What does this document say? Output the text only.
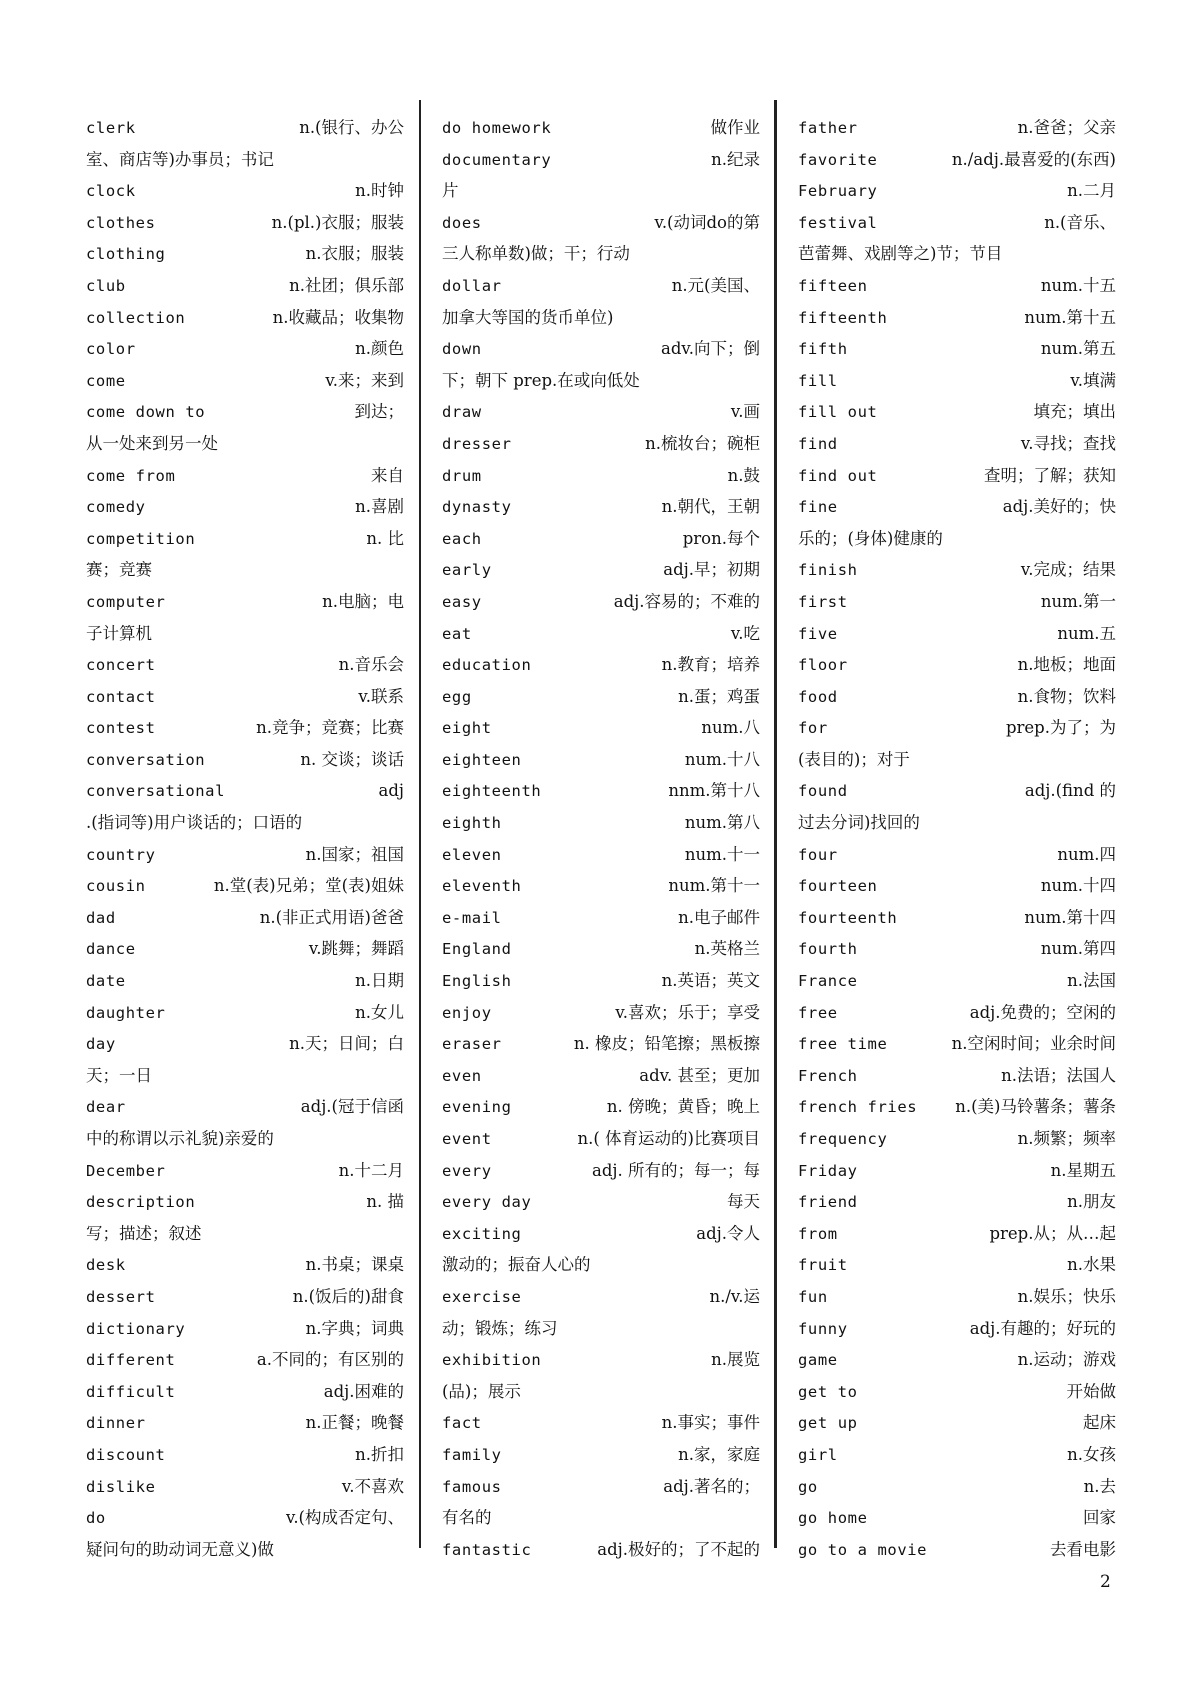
n.(银行、办公
clerk
室、商店等)办事员；书记
n.时钟
clock
n.(pl.)衣服；服装
clothes
n.衣服；服装
clothing
n.社团；俱乐部
club
n.收藏品；收集物
collection
n.颜色
color
v.来；来到
come
到达；
come down to
从一处来到另一处
来自
come from
n.喜剧
comedy
n. 比
competition
赛；竞赛
n.电脑；电
computer
子计算机
n.音乐会
concert
v.联系
contact
n.竞争；竞赛；比赛
contest
n. 交谈；谈话
conversation
adj
conversational
.(指词等)用户谈话的；口语的
n.国家；祖国
country
n.堂(表)兄弟；堂(表)姐妹
cousin
n.(非正式用语)爸爸
dad
v.跳舞；舞蹈
dance
n.日期
date
n.女儿
daughter
n.天；日间；白
day
天；一日
adj.(冠于信函
dear
中的称谓以示礼貌)亲爱的
n.十二月
December
n. 描
description
写；描述；叙述
n.书桌；课桌
desk
n.(饭后的)甜食
dessert
n.字典；词典
dictionary
a.不同的；有区别的
different
adj.困难的
difficult
n.正餐；晚餐
dinner
n.折扣
discount
v.不喜欢
dislike
v.(构成否定句、
do
疑问句的助动词无意义)做
做作业
do homework
n.纪录
documentary
片
v.(动词do的第
does
三人称单数)做；干；行动
n.元(美国、
dollar
加拿大等国的货币单位)
adv.向下；倒
down
下；朝下 prep.在或向低处
v.画
draw
n.梳妆台；碗柜
dresser
n.鼓
drum
n.朝代，王朝
dynasty
pron.每个
each
adj.早；初期
early
adj.容易的；不难的
easy
v.吃
eat
n.教育；培养
education
n.蛋；鸡蛋
egg
num.八
eight
num.十八
eighteen
nnm.第十八
eighteenth
num.第八
eighth
num.十一
eleven
num.第十一
eleventh
n.电子邮件
e-mail
n.英格兰
England
n.英语；英文
English
v.喜欢；乐于；享受
enjoy
n. 橡皮；铅笔擦；黑板擦
eraser
adv. 甚至；更加
even
n. 傍晚；黄昏；晚上
evening
n.( 体育运动的)比赛项目
event
adj. 所有的；每一；每
every
每天
every day
adj.令人
exciting
激动的；振奋人心的
n./v.运
exercise
动；锻炼；练习
n.展览
exhibition
(品)；展示
n.事实；事件
fact
n.家，家庭
family
adj.著名的；
famous
有名的
adj.极好的；了不起的
fantastic
n.爸爸；父亲
father
n./adj.最喜爱的(东西)
favorite
n.二月
February
n.(音乐、
festival
芭蕾舞、戏剧等之)节；节目
num.十五
fifteen
num.第十五
fifteenth
num.第五
fifth
v.填满
fill
填充；填出
fill out
v.寻找；查找
find
查明；了解；获知
find out
adj.美好的；快
fine
乐的；(身体)健康的
v.完成；结果
finish
num.第一
first
num.五
five
n.地板；地面
floor
n.食物；饮料
food
prep.为了；为
for
(表目的)；对于
adj.(find 的
found
过去分词)找回的
num.四
four
num.十四
fourteen
num.第十四
fourteenth
num.第四
fourth
n.法国
France
adj.免费的；空闲的
free
n.空闲时间；业余时间
free time
n.法语；法国人
French
n.(美)马铃薯条；薯条
french fries
n.频繁；频率
frequency
n.星期五
Friday
n.朋友
friend
prep.从；从…起
from
n.水果
fruit
n.娱乐；快乐
fun
adj.有趣的；好玩的
funny
n.运动；游戏
game
开始做
get to
起床
get up
n.女孩
girl
n.去
go
回家
go home
去看电影
go to a movie
2
